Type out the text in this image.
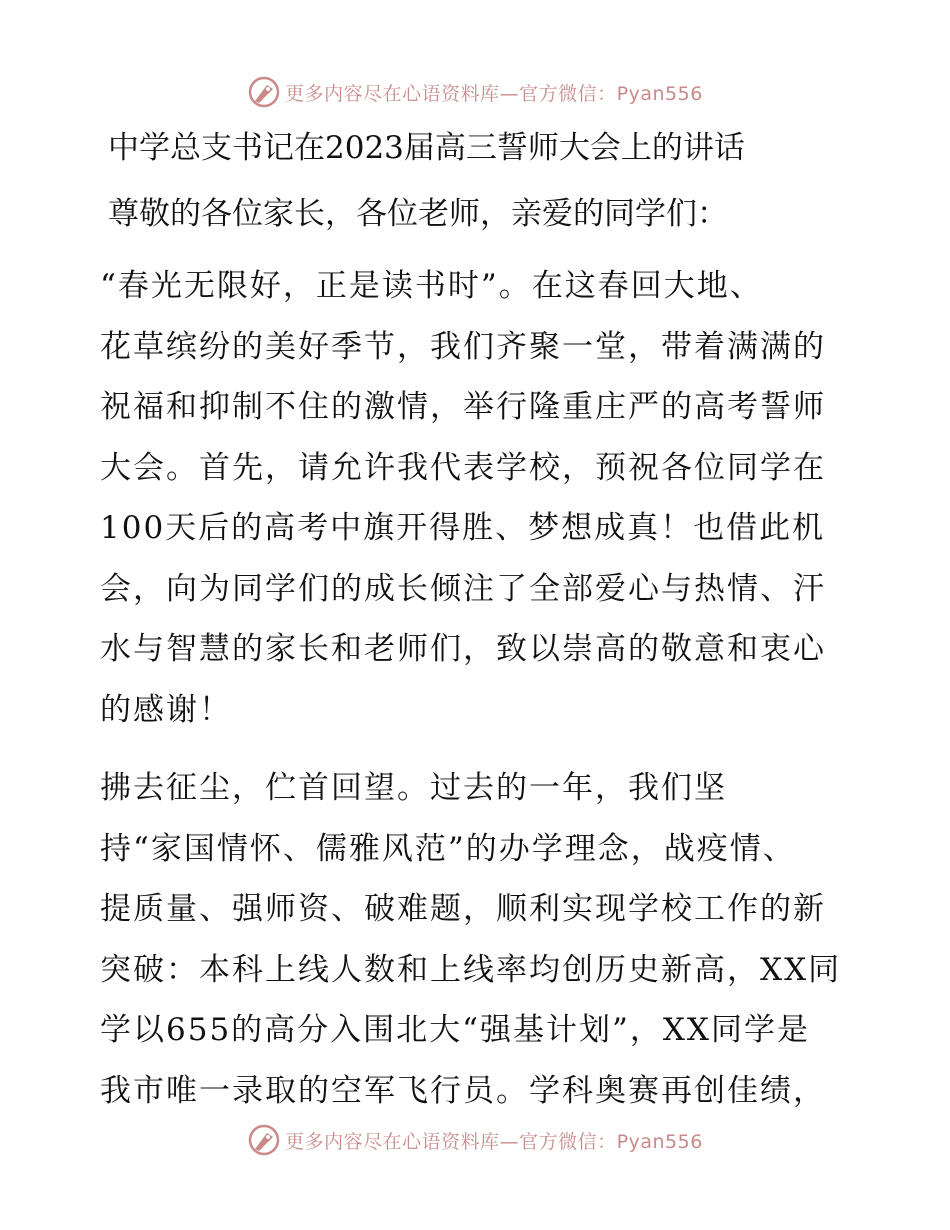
更多内容尽在心语资料库—官方微信：Pyan556

中学总支书记在2023届高三誓师大会上的讲话

尊敬的各位家长，各位老师，亲爱的同学们：

“春光无限好，正是读书时”。在这春回大地、
花草缤纷的美好季节，我们齐聚一堂，带着满满的
祝福和抑制不住的激情，举行隆重庄严的高考誓师
大会。首先，请允许我代表学校，预祝各位同学在
100天后的高考中旗开得胜、梦想成真！也借此机
会，向为同学们的成长倾注了全部爱心与热情、汗
水与智慧的家长和老师们，致以崇高的敬意和衷心
的感谢！

拂去征尘，伫首回望。过去的一年，我们坚
持“家国情怀、儒雅风范”的办学理念，战疫情、
提质量、强师资、破难题，顺利实现学校工作的新
突破：本科上线人数和上线率均创历史新高，XX同
学以655的高分入围北大“强基计划”，XX同学是
我市唯一录取的空军飞行员。学科奥赛再创佳绩，

更多内容尽在心语资料库—官方微信：Pyan556
